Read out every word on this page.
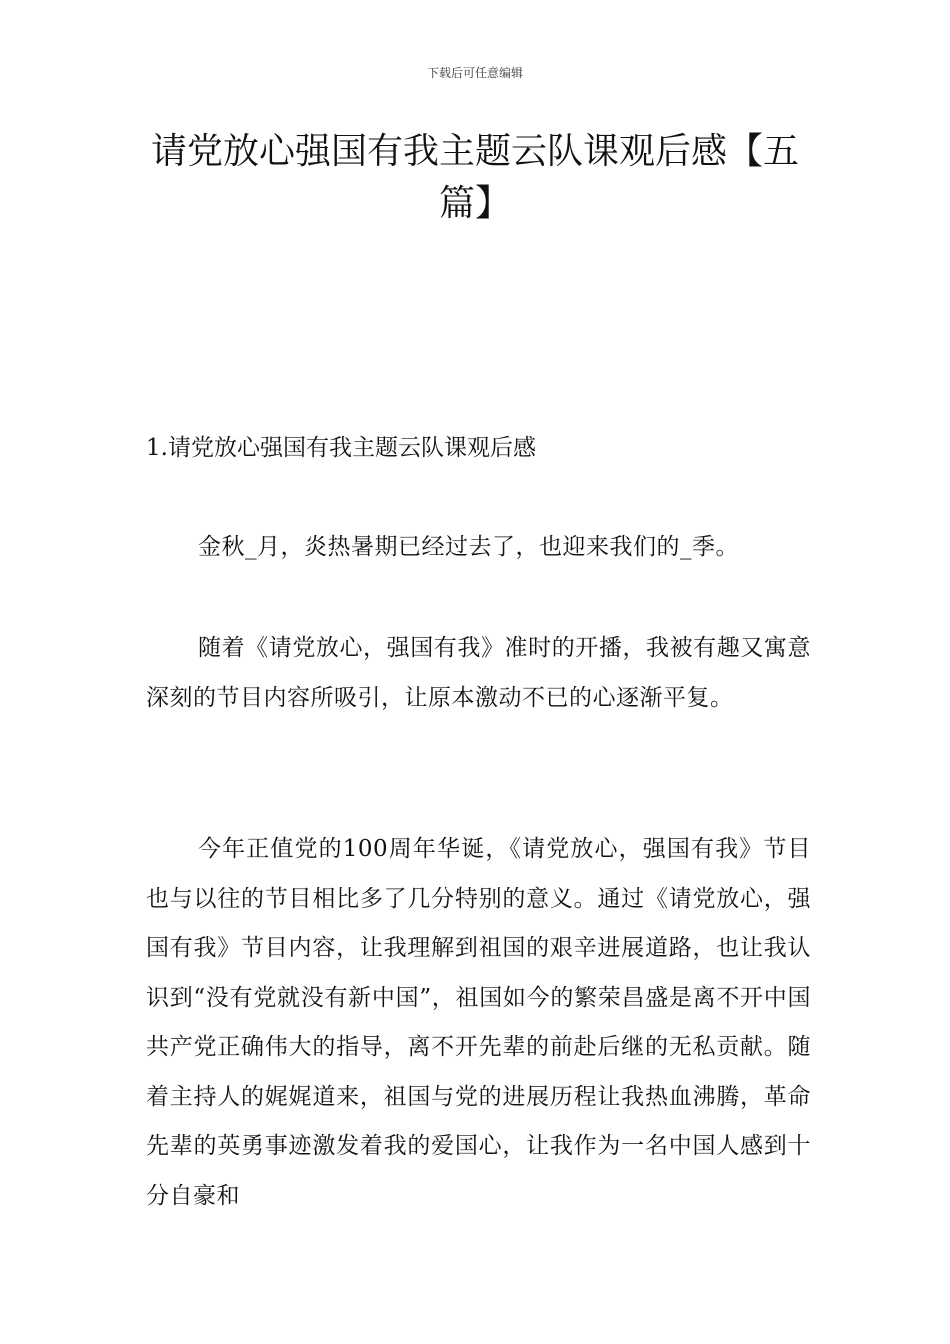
下载后可任意编辑
请党放心强国有我主题云队课观后感【五篇】
1.请党放心强国有我主题云队课观后感

金秋_月，炎热暑期已经过去了，也迎来我们的_季。

随着《请党放心，强国有我》准时的开播，我被有趣又寓意深刻的节目内容所吸引，让原本激动不已的心逐渐平复。

今年正值党的100周年华诞，《请党放心，强国有我》节目也与以往的节目相比多了几分特别的意义。通过《请党放心，强国有我》节目内容，让我理解到祖国的艰辛进展道路，也让我认识到“没有党就没有新中国”，祖国如今的繁荣昌盛是离不开中国共产党正确伟大的指导，离不开先辈的前赴后继的无私贡献。随着主持人的娓娓道来，祖国与党的进展历程让我热血沸腾，革命先辈的英勇事迹激发着我的爱国心，让我作为一名中国人感到十分自豪和
